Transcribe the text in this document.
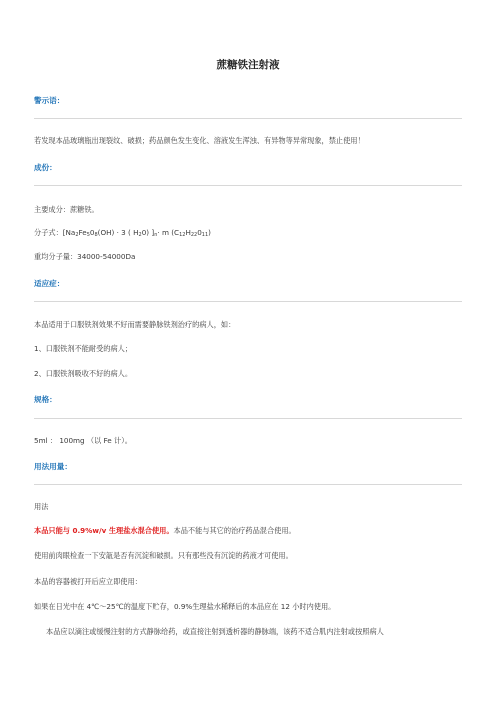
蔗糖铁注射液
警示语：
若发现本品玻璃瓶出现裂纹、破损；药品颜色发生变化、溶液发生浑浊、有异物等异常现象，禁止使用！
成份：
主要成分：蔗糖铁。
分子式：[$Na_2Fe_50_8(OH) \cdot 3$ ( $H_20$) ]$_n\cdot m$ $(C_{12}H_{22}0_{11})$
重均分子量：34000-54000Da
适应症：
本品适用于口服铁剂效果不好而需要静脉铁剂治疗的病人，如：
1、口服铁剂不能耐受的病人；
2、口服铁剂吸收不好的病人。
规格：
5ml ： 100mg （以 Fe 计）。
用法用量：
用法
本品只能与 0.9%w/v 生理盐水混合使用。本品不能与其它的治疗药品混合使用。
使用前肉眼检查一下安瓿是否有沉淀和破损。只有那些没有沉淀的药液才可使用。
本品的容器被打开后应立即使用：
如果在日光中在 4℃～25℃的温度下贮存，0.9%生理盐水稀释后的本品应在 12 小时内使用。
本品应以滴注或缓慢注射的方式静脉给药，或直接注射到透析器的静脉端，该药不适合肌内注射或按照病人
